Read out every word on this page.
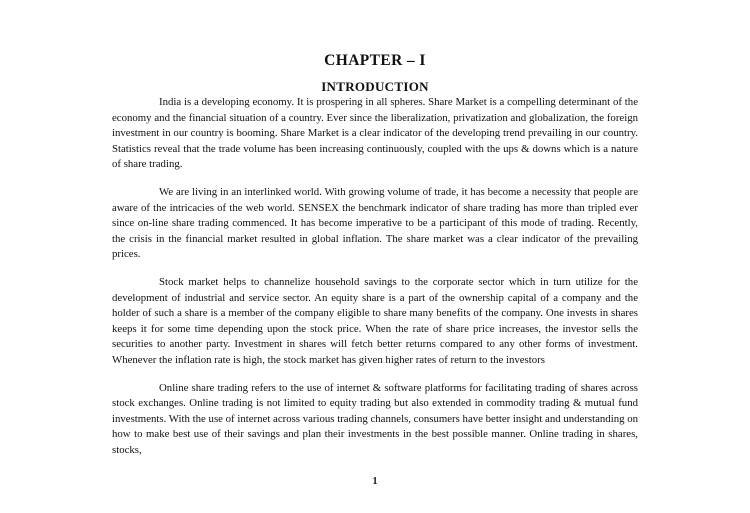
CHAPTER – I
INTRODUCTION

India is a developing economy. It is prospering in all spheres. Share Market is a compelling determinant of the economy and the financial situation of a country. Ever since the liberalization, privatization and globalization, the foreign investment in our country is booming. Share Market is a clear indicator of the developing trend prevailing in our country. Statistics reveal that the trade volume has been increasing continuously, coupled with the ups & downs which is a nature of share trading.

We are living in an interlinked world. With growing volume of trade, it has become a necessity that people are aware of the intricacies of the web world. SENSEX the benchmark indicator of share trading has more than tripled ever since on-line share trading commenced. It has become imperative to be a participant of this mode of trading. Recently, the crisis in the financial market resulted in global inflation. The share market was a clear indicator of the prevailing prices.

Stock market helps to channelize household savings to the corporate sector which in turn utilize for the development of industrial and service sector. An equity share is a part of the ownership capital of a company and the holder of such a share is a member of the company eligible to share many benefits of the company. One invests in shares keeps it for some time depending upon the stock price. When the rate of share price increases, the investor sells the securities to another party. Investment in shares will fetch better returns compared to any other forms of investment. Whenever the inflation rate is high, the stock market has given higher rates of return to the investors

Online share trading refers to the use of internet & software platforms for facilitating trading of shares across stock exchanges. Online trading is not limited to equity trading but also extended in commodity trading & mutual fund investments. With the use of internet across various trading channels, consumers have better insight and understanding on how to make best use of their savings and plan their investments in the best possible manner. Online trading in shares, stocks,

1
